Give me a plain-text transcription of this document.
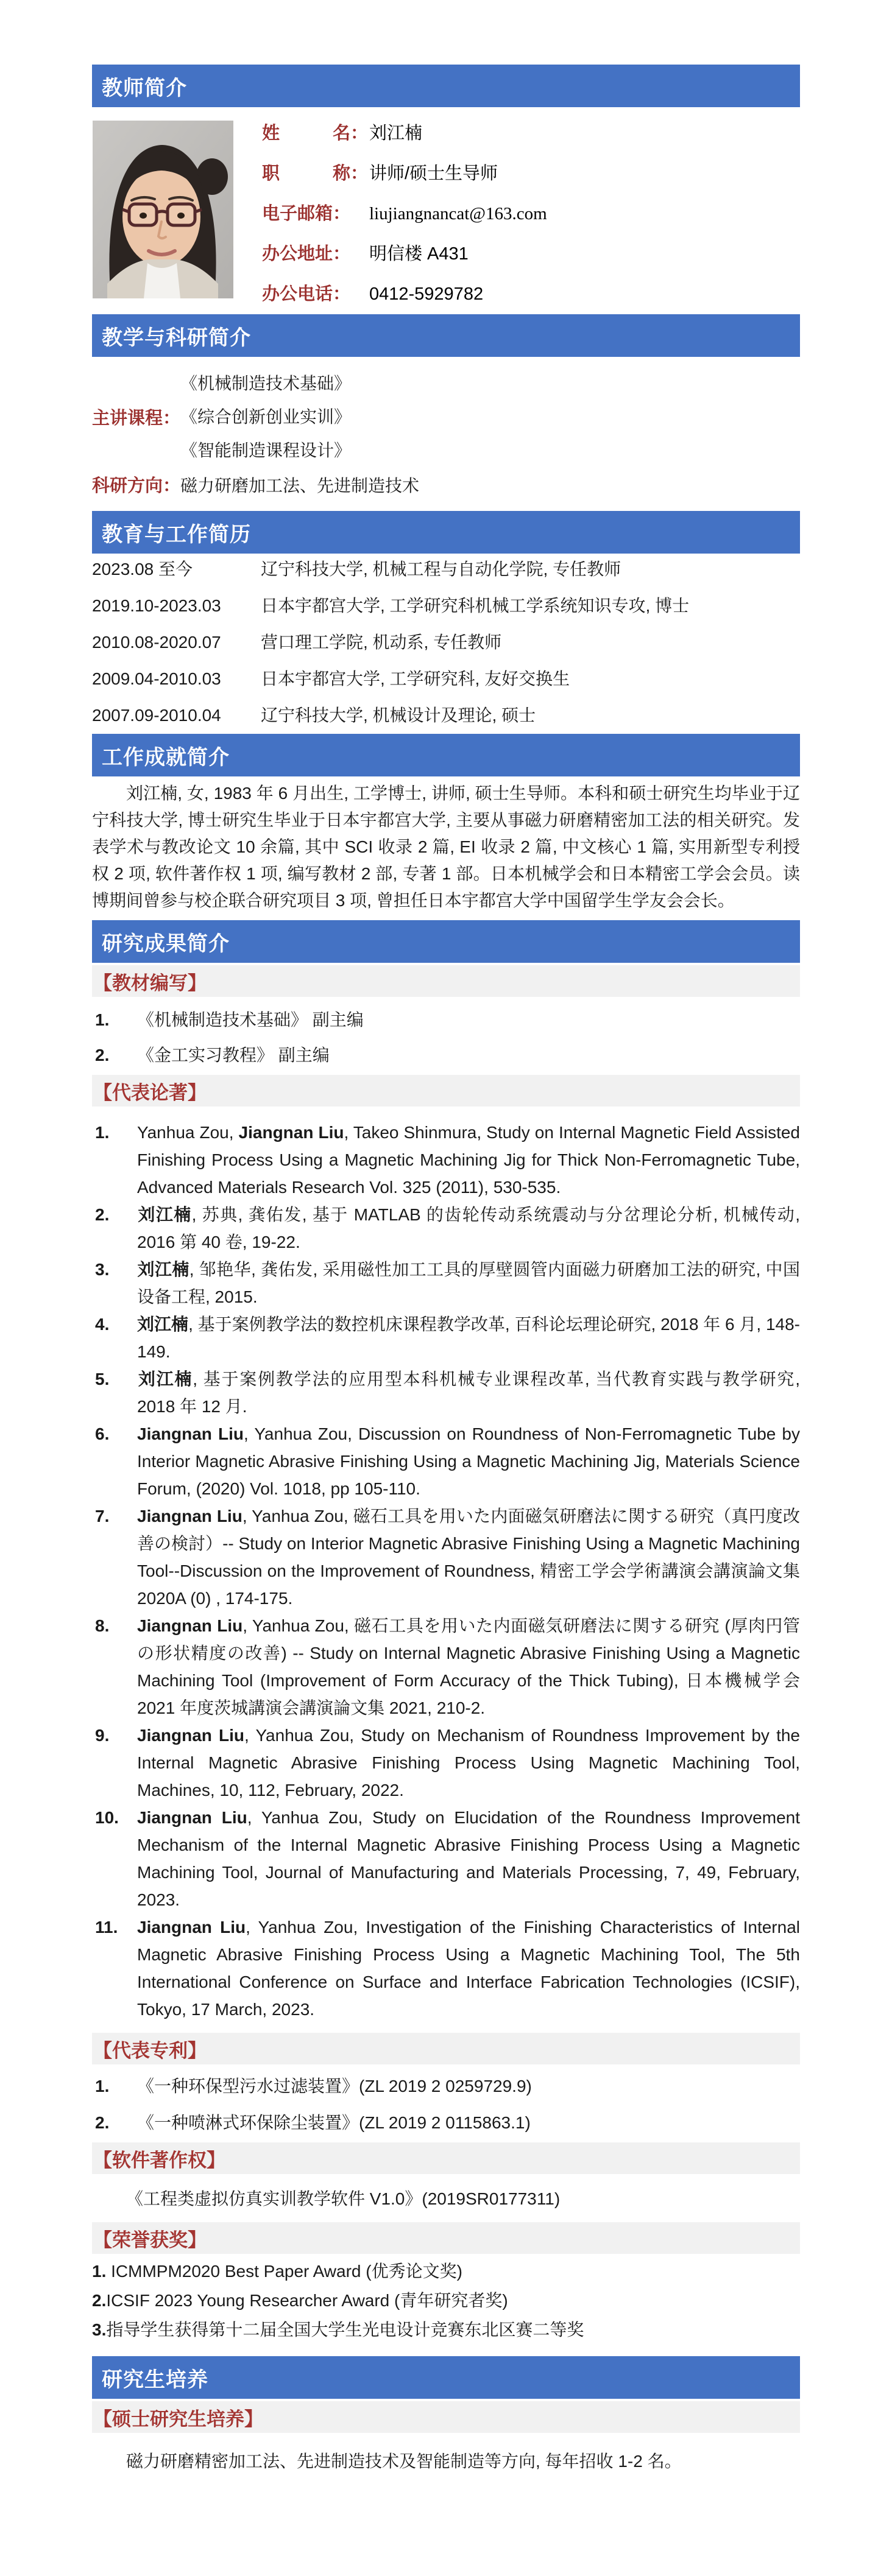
教师简介
姓　　　名： 刘江楠
职　　　称： 讲师/硕士生导师
电子邮箱：	liujiangnancat@163.com
办公地址：	明信楼 A431
办公电话：	0412-5929782
教学与科研简介
主讲课程：
《机械制造技术基础》
《综合创新创业实训》
《智能制造课程设计》
科研方向： 磁力研磨加工法、先进制造技术
教育与工作简历
2023.08 至今	辽宁科技大学, 机械工程与自动化学院, 专任教师
2019.10-2023.03	日本宇都宫大学, 工学研究科机械工学系统知识专攻, 博士
2010.08-2020.07	营口理工学院, 机动系, 专任教师
2009.04-2010.03	日本宇都宫大学, 工学研究科, 友好交换生
2007.09-2010.04	辽宁科技大学, 机械设计及理论, 硕士
工作成就简介

刘江楠, 女, 1983 年 6 月出生, 工学博士, 讲师, 硕士生导师。本科和硕士研究生均毕业于辽宁科技大学, 博士研究生毕业于日本宇都宫大学, 主要从事磁力研磨精密加工法的相关研究。发表学术与教改论文 10 余篇, 其中 SCI 收录 2 篇, EI 收录 2 篇, 中文核心 1 篇, 实用新型专利授权 2 项, 软件著作权 1 项, 编写教材 2 部, 专著 1 部。日本机械学会和日本精密工学会会员。读博期间曾参与校企联合研究项目 3 项, 曾担任日本宇都宫大学中国留学生学友会会长。

研究成果简介
【教材编写】
1. 《机械制造技术基础》 副主编
2. 《金工实习教程》 副主编
【代表论著】
1. Yanhua Zou, Jiangnan Liu, Takeo Shinmura, Study on Internal Magnetic Field Assisted Finishing Process Using a Magnetic Machining Jig for Thick Non-Ferromagnetic Tube, Advanced Materials Research Vol. 325 (2011), 530-535.
2. 刘江楠, 苏典, 龚佑发, 基于 MATLAB 的齿轮传动系统震动与分岔理论分析, 机械传动, 2016 第 40 卷, 19-22.
3. 刘江楠, 邹艳华, 龚佑发, 采用磁性加工工具的厚壁圆管内面磁力研磨加工法的研究, 中国设备工程, 2015.
4. 刘江楠, 基于案例教学法的数控机床课程教学改革, 百科论坛理论研究, 2018 年 6 月, 148-149.
5. 刘江楠, 基于案例教学法的应用型本科机械专业课程改革, 当代教育实践与教学研究, 2018 年 12 月.
6. Jiangnan Liu, Yanhua Zou, Discussion on Roundness of Non-Ferromagnetic Tube by Interior Magnetic Abrasive Finishing Using a Magnetic Machining Jig, Materials Science Forum, (2020) Vol. 1018, pp 105-110.
7. Jiangnan Liu, Yanhua Zou, 磁石工具を用いた内面磁気研磨法に関する研究（真円度改善の検討）-- Study on Interior Magnetic Abrasive Finishing Using a Magnetic Machining Tool--Discussion on the Improvement of Roundness, 精密工学会学術講演会講演論文集 2020A (0) , 174-175.
8. Jiangnan Liu, Yanhua Zou, 磁石工具を用いた内面磁気研磨法に関する研究 (厚肉円管の形状精度の改善) -- Study on Internal Magnetic Abrasive Finishing Using a Magnetic Machining Tool (Improvement of Form Accuracy of the Thick Tubing), 日本機械学会 2021 年度茨城講演会講演論文集 2021, 210-2.
9. Jiangnan Liu, Yanhua Zou, Study on Mechanism of Roundness Improvement by the Internal Magnetic Abrasive Finishing Process Using Magnetic Machining Tool, Machines, 10, 112, February, 2022.
10. Jiangnan Liu, Yanhua Zou, Study on Elucidation of the Roundness Improvement Mechanism of the Internal Magnetic Abrasive Finishing Process Using a Magnetic Machining Tool, Journal of Manufacturing and Materials Processing, 7, 49, February, 2023.
11. Jiangnan Liu, Yanhua Zou, Investigation of the Finishing Characteristics of Internal Magnetic Abrasive Finishing Process Using a Magnetic Machining Tool, The 5th International Conference on Surface and Interface Fabrication Technologies (ICSIF), Tokyo, 17 March, 2023.
【代表专利】
1. 《一种环保型污水过滤装置》(ZL 2019 2 0259729.9)
2. 《一种喷淋式环保除尘装置》(ZL 2019 2 0115863.1)
【软件著作权】

《工程类虚拟仿真实训教学软件 V1.0》(2019SR0177311)

【荣誉获奖】
1. ICMMPM2020 Best Paper Award (优秀论文奖)
2.ICSIF 2023 Young Researcher Award (青年研究者奖)
3.指导学生获得第十二届全国大学生光电设计竞赛东北区赛二等奖
研究生培养
【硕士研究生培养】

磁力研磨精密加工法、先进制造技术及智能制造等方向, 每年招收 1-2 名。
